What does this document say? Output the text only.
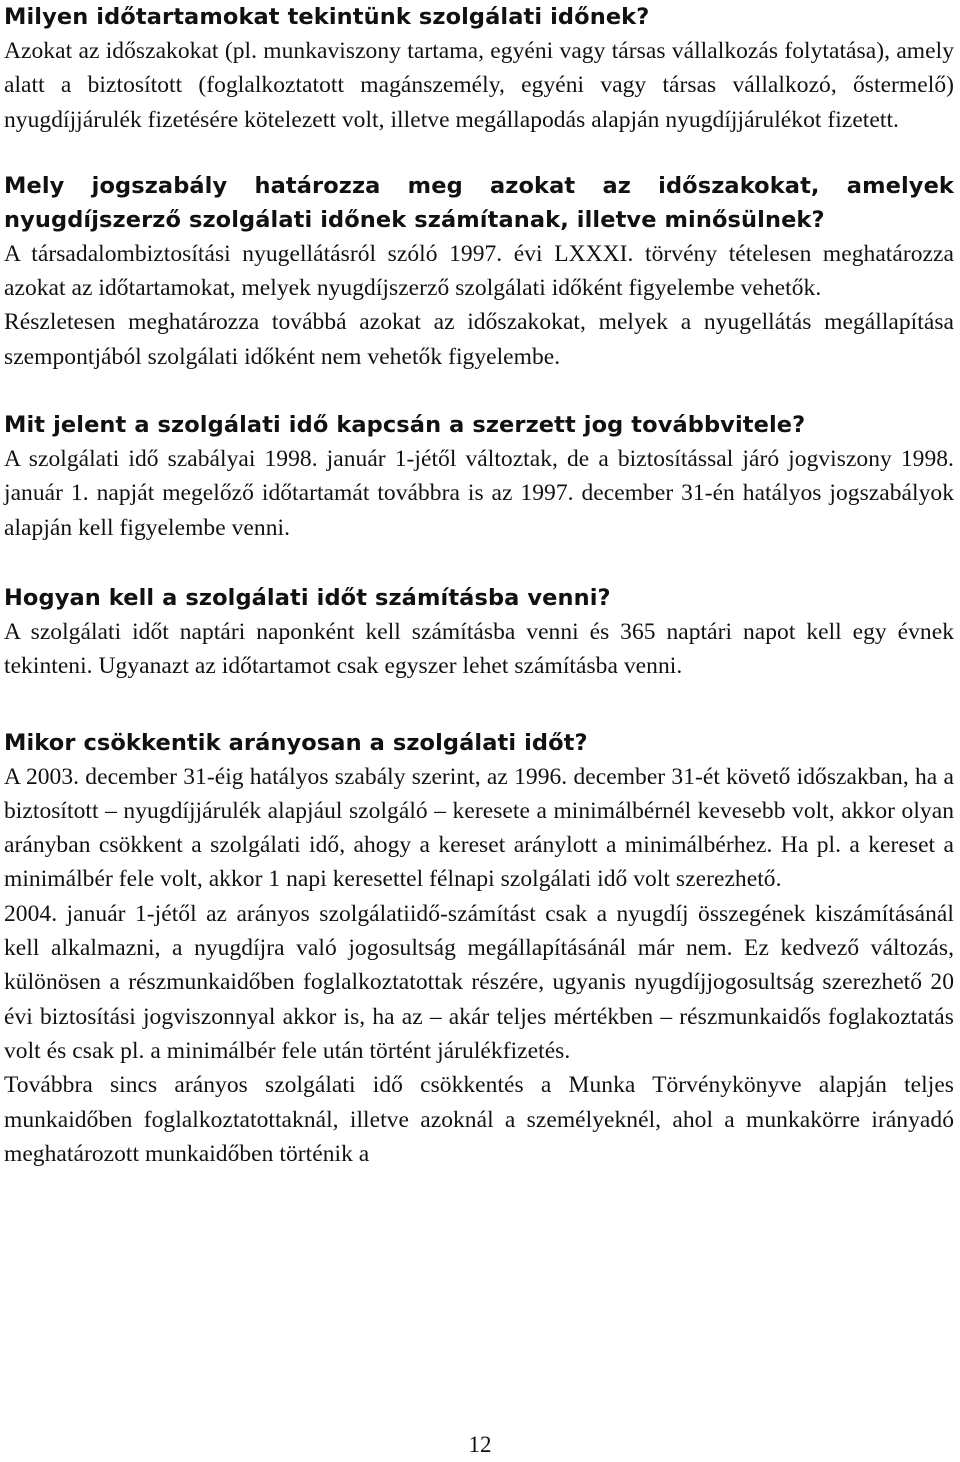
Milyen időtartamokat tekintünk szolgálati időnek?

Azokat az időszakokat (pl. munkaviszony tartama, egyéni vagy társas vállalkozás folytatása), amely alatt a biztosított (foglalkoztatott magánszemély, egyéni vagy társas vállalkozó, őstermelő) nyugdíjjárulék fizetésére kötelezett volt, illetve megállapodás alapján nyugdíjjárulékot fizetett.

Mely jogszabály határozza meg azokat az időszakokat, amelyek nyugdíjszerző szolgálati időnek számítanak, illetve minősülnek?

A társadalombiztosítási nyugellátásról szóló 1997. évi LXXXI. törvény tételesen meghatározza azokat az időtartamokat, melyek nyugdíjszerző szolgálati időként figyelembe vehetők.

Részletesen meghatározza továbbá azokat az időszakokat, melyek a nyugellátás megállapítása szempontjából szolgálati időként nem vehetők figyelembe.

Mit jelent a szolgálati idő kapcsán a szerzett jog továbbvitele?

A szolgálati idő szabályai 1998. január 1-jétől változtak, de a biztosítással járó jogviszony 1998. január 1. napját megelőző időtartamát továbbra is az 1997. december 31-én hatályos jogszabályok alapján kell figyelembe venni.

Hogyan kell a szolgálati időt számításba venni?

A szolgálati időt naptári naponként kell számításba venni és 365 naptári napot kell egy évnek tekinteni. Ugyanazt az időtartamot csak egyszer lehet számításba venni.

Mikor csökkentik arányosan a szolgálati időt?

A 2003. december 31-éig hatályos szabály szerint, az 1996. december 31-ét követő időszakban, ha a biztosított – nyugdíjjárulék alapjául szolgáló – keresete a minimálbérnél kevesebb volt, akkor olyan arányban csökkent a szolgálati idő, ahogy a kereset aránylott a minimálbérhez. Ha pl. a kereset a minimálbér fele volt, akkor 1 napi keresettel félnapi szolgálati idő volt szerezhető.

2004. január 1-jétől az arányos szolgálatiidő-számítást csak a nyugdíj összegének kiszámításánál kell alkalmazni, a nyugdíjra való jogosultság megállapításánál már nem. Ez kedvező változás, különösen a részmunkaidőben foglalkoztatottak részére, ugyanis nyugdíjjogosultság szerezhető 20 évi biztosítási jogviszonnyal akkor is, ha az – akár teljes mértékben – részmunkaidős foglakoztatás volt és csak pl. a minimálbér fele után történt járulékfizetés.

Továbbra sincs arányos szolgálati idő csökkentés a Munka Törvénykönyve alapján teljes munkaidőben foglalkoztatottaknál, illetve azoknál a személyeknél, ahol a munkakörre irányadó meghatározott munkaidőben történik a

12
